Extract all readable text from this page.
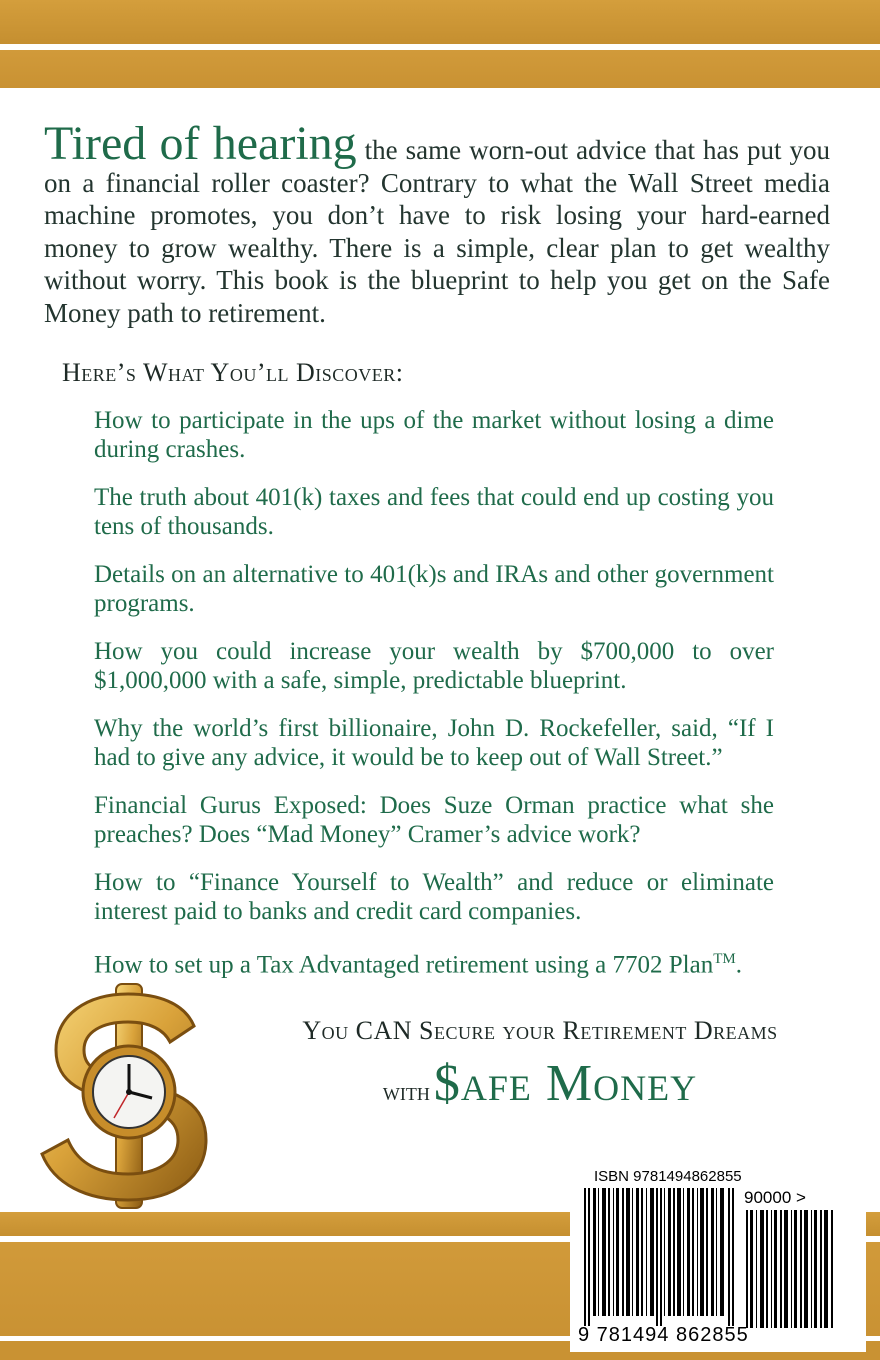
Tired of hearing the same worn-out advice that has put you on a financial roller coaster? Contrary to what the Wall Street media machine promotes, you don’t have to risk losing your hard-earned money to grow wealthy. There is a simple, clear plan to get wealthy without worry. This book is the blueprint to help you get on the Safe Money path to retirement.

Here’s What You’ll Discover:
How to participate in the ups of the market without losing a dime during crashes.
The truth about 401(k) taxes and fees that could end up costing you tens of thousands.
Details on an alternative to 401(k)s and IRAs and other government programs.
How you could increase your wealth by $700,000 to over $1,000,000 with a safe, simple, predictable blueprint.
Why the world’s first billionaire, John D. Rockefeller, said, “If I had to give any advice, it would be to keep out of Wall Street.”
Financial Gurus Exposed: Does Suze Orman practice what she preaches? Does “Mad Money” Cramer’s advice work?
How to “Finance Yourself to Wealth” and reduce or eliminate interest paid to banks and credit card companies.
How to set up a Tax Advantaged retirement using a 7702 Plan™.
You CAN Secure your Retirement Dreams
with $afe Money
ISBN 9781494862855
90000 >
9 781494 862855
